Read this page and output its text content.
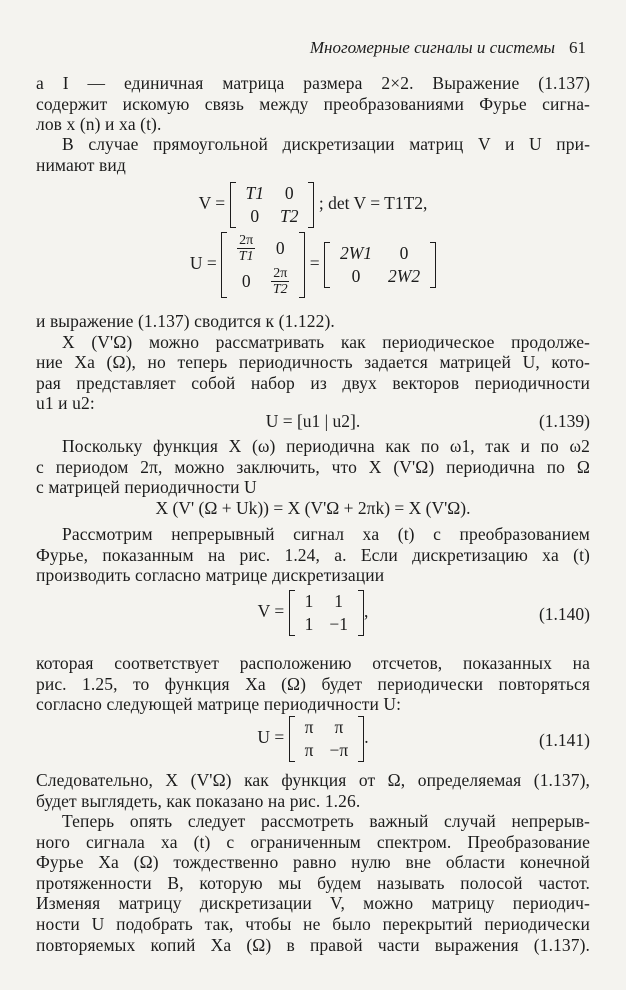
Многомерные сигналы и системы 61
a I — единичная матрица размера 2×2. Выражение (1.137)
содержит искомую связь между преобразованиями Фурье сигна-
лов x (n) и xa (t).
В случае прямоугольной дискретизации матриц V и U при-
нимают вид
V =
T1	0
0	T2
; det V = T1T2,
$U = \frac{2\pi}{T1}$	0
0	$\frac{2\pi}{T2}$
=
2W1	0
0	2W2
и выражение (1.137) сводится к (1.122).
X (V'Ω) можно рассматривать как периодическое продолже-
ние Xa (Ω), но теперь периодичность задается матрицей U, кото-
рая представляет собой набор из двух векторов периодичности
u1 и u2:
U = [u1 | u2].	(1.139)
Поскольку функция X (ω) периодична как по ω1, так и по ω2
с периодом 2π, можно заключить, что X (V'Ω) периодична по Ω
с матрицей периодичности U
X (V' (Ω + Uk)) = X (V'Ω + 2πk) = X (V'Ω).
Рассмотрим непрерывный сигнал xa (t) с преобразованием
Фурье, показанным на рис. 1.24, а. Если дискретизацию xa (t)
производить согласно матрице дискретизации
V =
1	1
1	−1
,	(1.140)
которая соответствует расположению отсчетов, показанных на
рис. 1.25, то функция Xa (Ω) будет периодически повторяться
согласно следующей матрице периодичности U:
U =
π	π
π	−π
.	(1.141)
Следовательно, X (V'Ω) как функция от Ω, определяемая (1.137),
будет выглядеть, как показано на рис. 1.26.
Теперь опять следует рассмотреть важный случай непрерыв-
ного сигнала xa (t) с ограниченным спектром. Преобразование
Фурье Xa (Ω) тождественно равно нулю вне области конечной
протяженности B, которую мы будем называть полосой частот.
Изменяя матрицу дискретизации V, можно матрицу периодич-
ности U подобрать так, чтобы не было перекрытий периодически
повторяемых копий Xa (Ω) в правой части выражения (1.137).
